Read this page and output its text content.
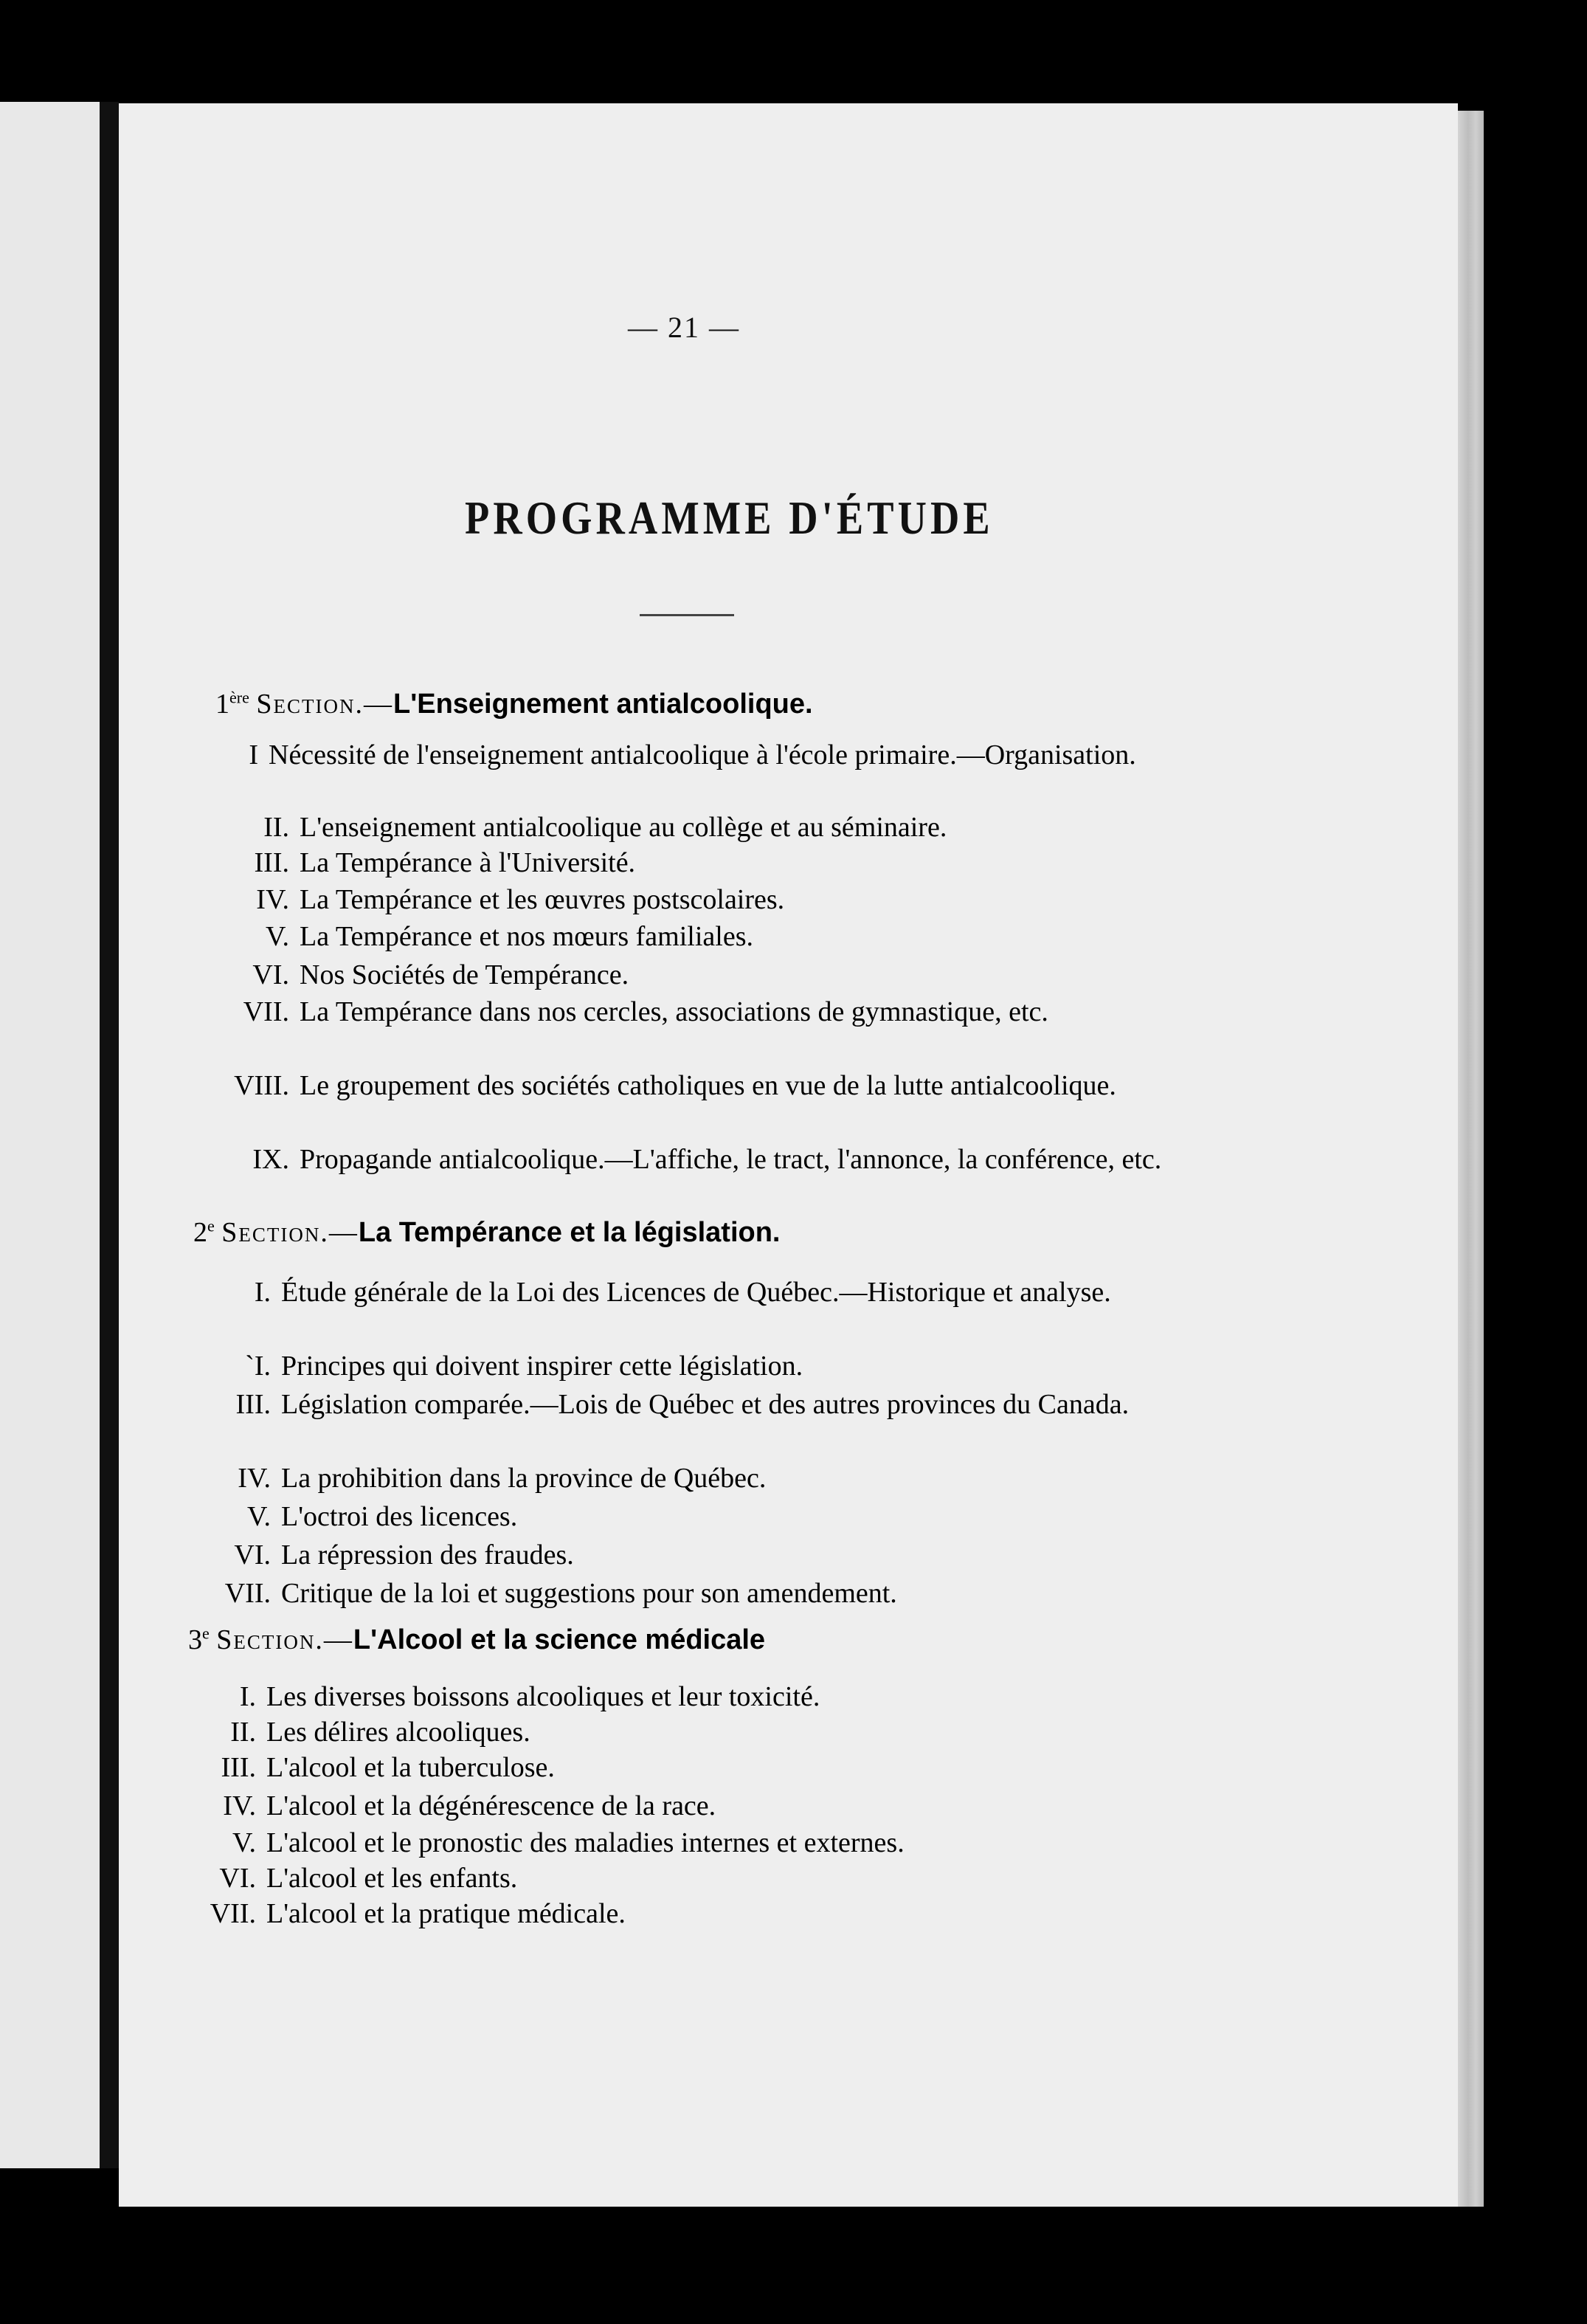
— 21 —
PROGRAMME D'ÉTUDE
1ère Section.—L'Enseignement antialcoolique.
I Nécessité de l'enseignement antialcoolique à l'école primaire.—Organisation.
II. L'enseignement antialcoolique au collège et au séminaire.
III. La Tempérance à l'Université.
IV. La Tempérance et les œuvres postscolaires.
V. La Tempérance et nos mœurs familiales.
VI. Nos Sociétés de Tempérance.
VII. La Tempérance dans nos cercles, associations de gymnastique, etc.
VIII. Le groupement des sociétés catholiques en vue de la lutte antialcoolique.
IX. Propagande antialcoolique.—L'affiche, le tract, l'annonce, la conférence, etc.
2e Section.—La Tempérance et la législation.
I. Étude générale de la Loi des Licences de Québec.—Historique et analyse.
`I. Principes qui doivent inspirer cette législation.
III. Législation comparée.—Lois de Québec et des autres provinces du Canada.
IV. La prohibition dans la province de Québec.
V. L'octroi des licences.
VI. La répression des fraudes.
VII. Critique de la loi et suggestions pour son amendement.
3e Section.—L'Alcool et la science médicale
I. Les diverses boissons alcooliques et leur toxicité.
II. Les délires alcooliques.
III. L'alcool et la tuberculose.
IV. L'alcool et la dégénérescence de la race.
V. L'alcool et le pronostic des maladies internes et externes.
VI. L'alcool et les enfants.
VII. L'alcool et la pratique médicale.
